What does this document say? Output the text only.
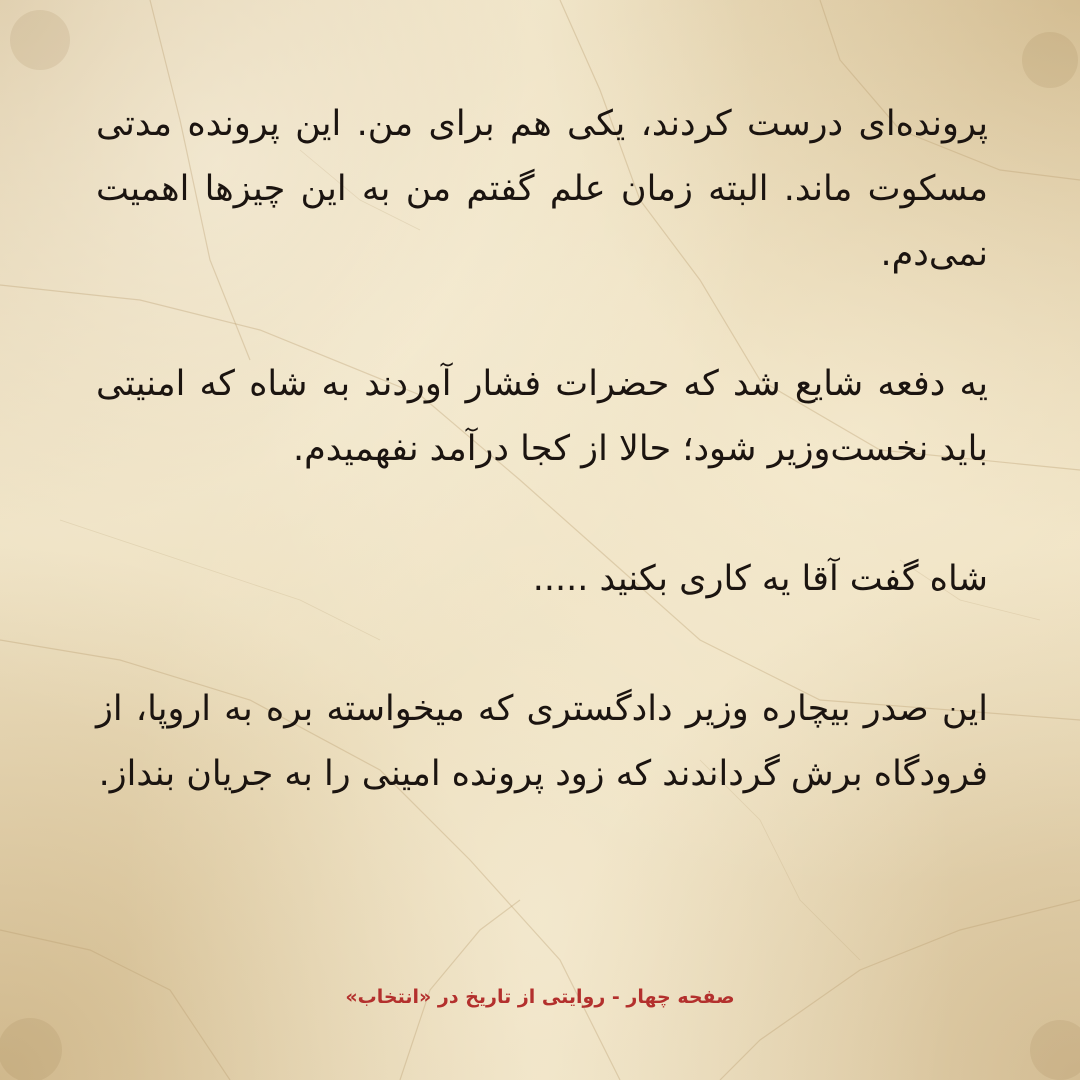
پرونده‌ای درست کردند، یکی هم برای من. این پرونده مدتی مسکوت ماند. البته زمان علم گفتم من به این چیزها اهمیت نمی‌دم.

یه دفعه شایع شد که حضرات فشار آوردند به شاه که امنیتی باید نخست‌وزیر شود؛ حالا از کجا درآمد نفهمیدم.

شاه گفت آقا یه کاری بکنید .....

این صدر بیچاره وزیر دادگستری که میخواسته بره به اروپا، از فرودگاه برش گرداندند که زود پرونده امینی را به جریان بنداز.

صفحه چهار - روایتی از تاریخ در «انتخاب»
